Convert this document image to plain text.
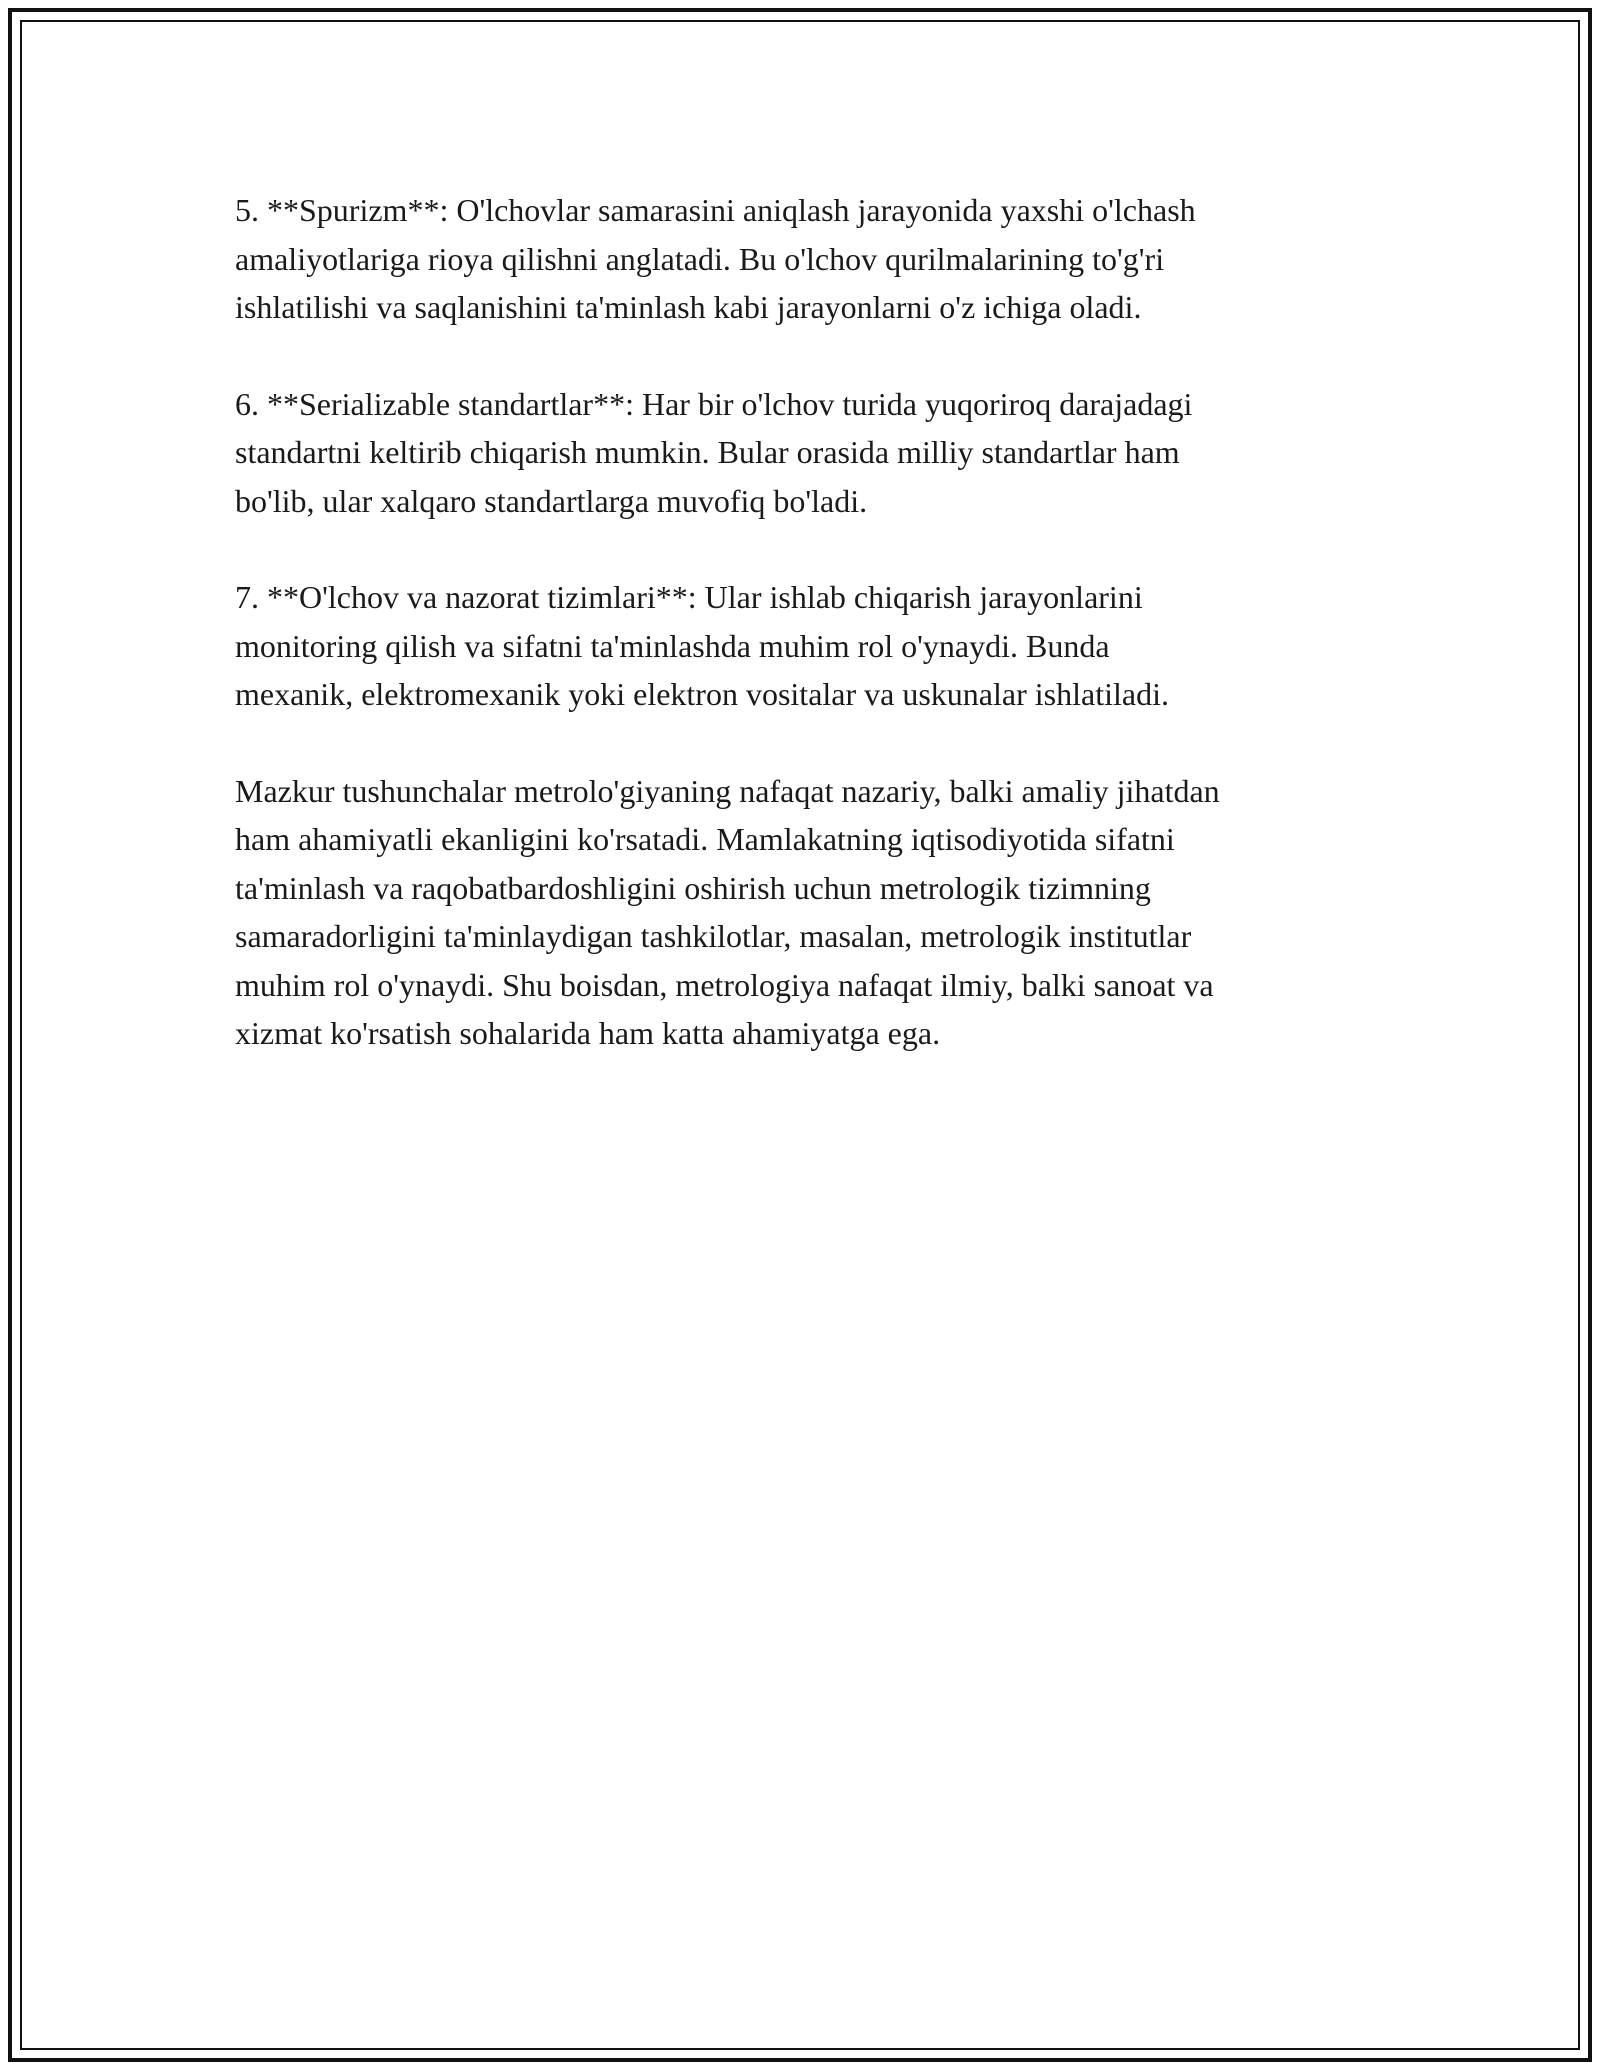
5. **Spurizm**: O'lchovlar samarasini aniqlash jarayonida yaxshi o'lchash
amaliyotlariga rioya qilishni anglatadi. Bu o'lchov qurilmalarining to'g'ri
ishlatilishi va saqlanishini ta'minlash kabi jarayonlarni o'z ichiga oladi.

6. **Serializable standartlar**: Har bir o'lchov turida yuqoriroq darajadagi
standartni keltirib chiqarish mumkin. Bular orasida milliy standartlar ham
bo'lib, ular xalqaro standartlarga muvofiq bo'ladi.

7. **O'lchov va nazorat tizimlari**: Ular ishlab chiqarish jarayonlarini
monitoring qilish va sifatni ta'minlashda muhim rol o'ynaydi. Bunda
mexanik, elektromexanik yoki elektron vositalar va uskunalar ishlatiladi.

Mazkur tushunchalar metrolo'giyaning nafaqat nazariy, balki amaliy jihatdan
ham ahamiyatli ekanligini ko'rsatadi. Mamlakatning iqtisodiyotida sifatni
ta'minlash va raqobatbardoshligini oshirish uchun metrologik tizimning
samaradorligini ta'minlaydigan tashkilotlar, masalan, metrologik institutlar
muhim rol o'ynaydi. Shu boisdan, metrologiya nafaqat ilmiy, balki sanoat va
xizmat ko'rsatish sohalarida ham katta ahamiyatga ega.
